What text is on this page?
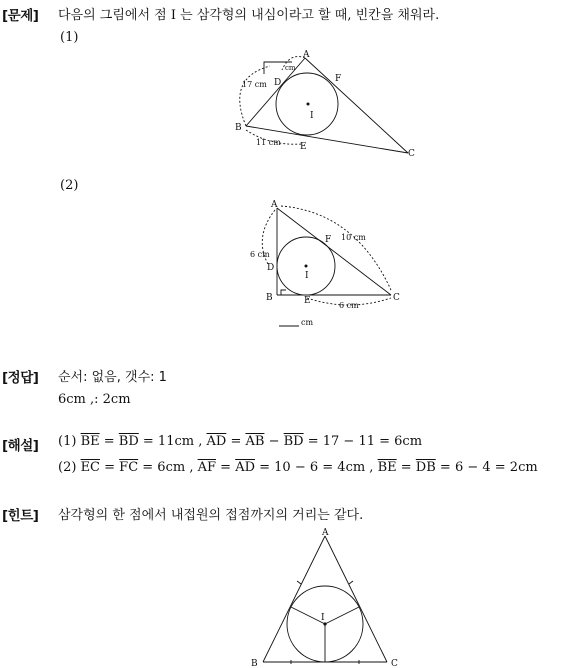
[문제] 다음의 그림에서 점 I 는 삼각형의 내심이라고 할 때, 빈칸을 채워라.
(1)
A
B
C
D
E
F
I
17 cm
11 cm
cm
(2)
A
B	C
D
E
F
I
6 cm
10 cm
6 cm
cm
[정답] 순서: 없음, 갯수: 1
6cm ,: 2cm
[해설] (1) $\overline{BE} = \overline{BD} = 11cm$ , $\overline{AD} = \overline{AB} - \overline{BD} = 17 - 11 = 6cm$
(2) $\overline{EC} = \overline{FC} = 6cm$ , $\overline{AF} = \overline{AD} = 10 - 6 = 4cm$ , $\overline{BE} = \overline{DB} = 6 - 4 = 2cm$
[힌트] 삼각형의 한 점에서 내접원의 접점까지의 거리는 같다.
A
B	C
I
